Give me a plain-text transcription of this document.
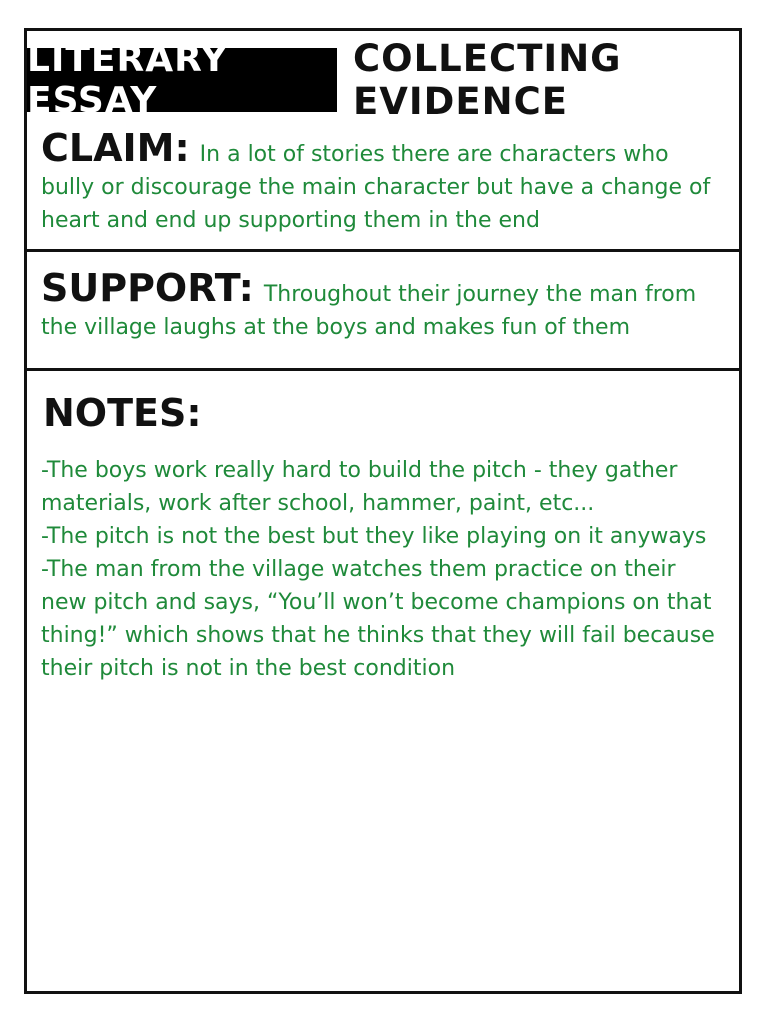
LITERARY ESSAY
COLLECTING EVIDENCE
CLAIM: In a lot of stories there are characters who bully or discourage the main character but have a change of heart and end up supporting them in the end
SUPPORT: Throughout their journey the man from the village laughs at the boys and makes fun of them
NOTES:
-The boys work really hard to build the pitch - they gather materials, work after school, hammer, paint, etc...
-The pitch is not the best but they like playing on it anyways
-The man from the village watches them practice on their new pitch and says, “You’ll won’t become champions on that thing!” which shows that he thinks that they will fail because their pitch is not in the best condition
